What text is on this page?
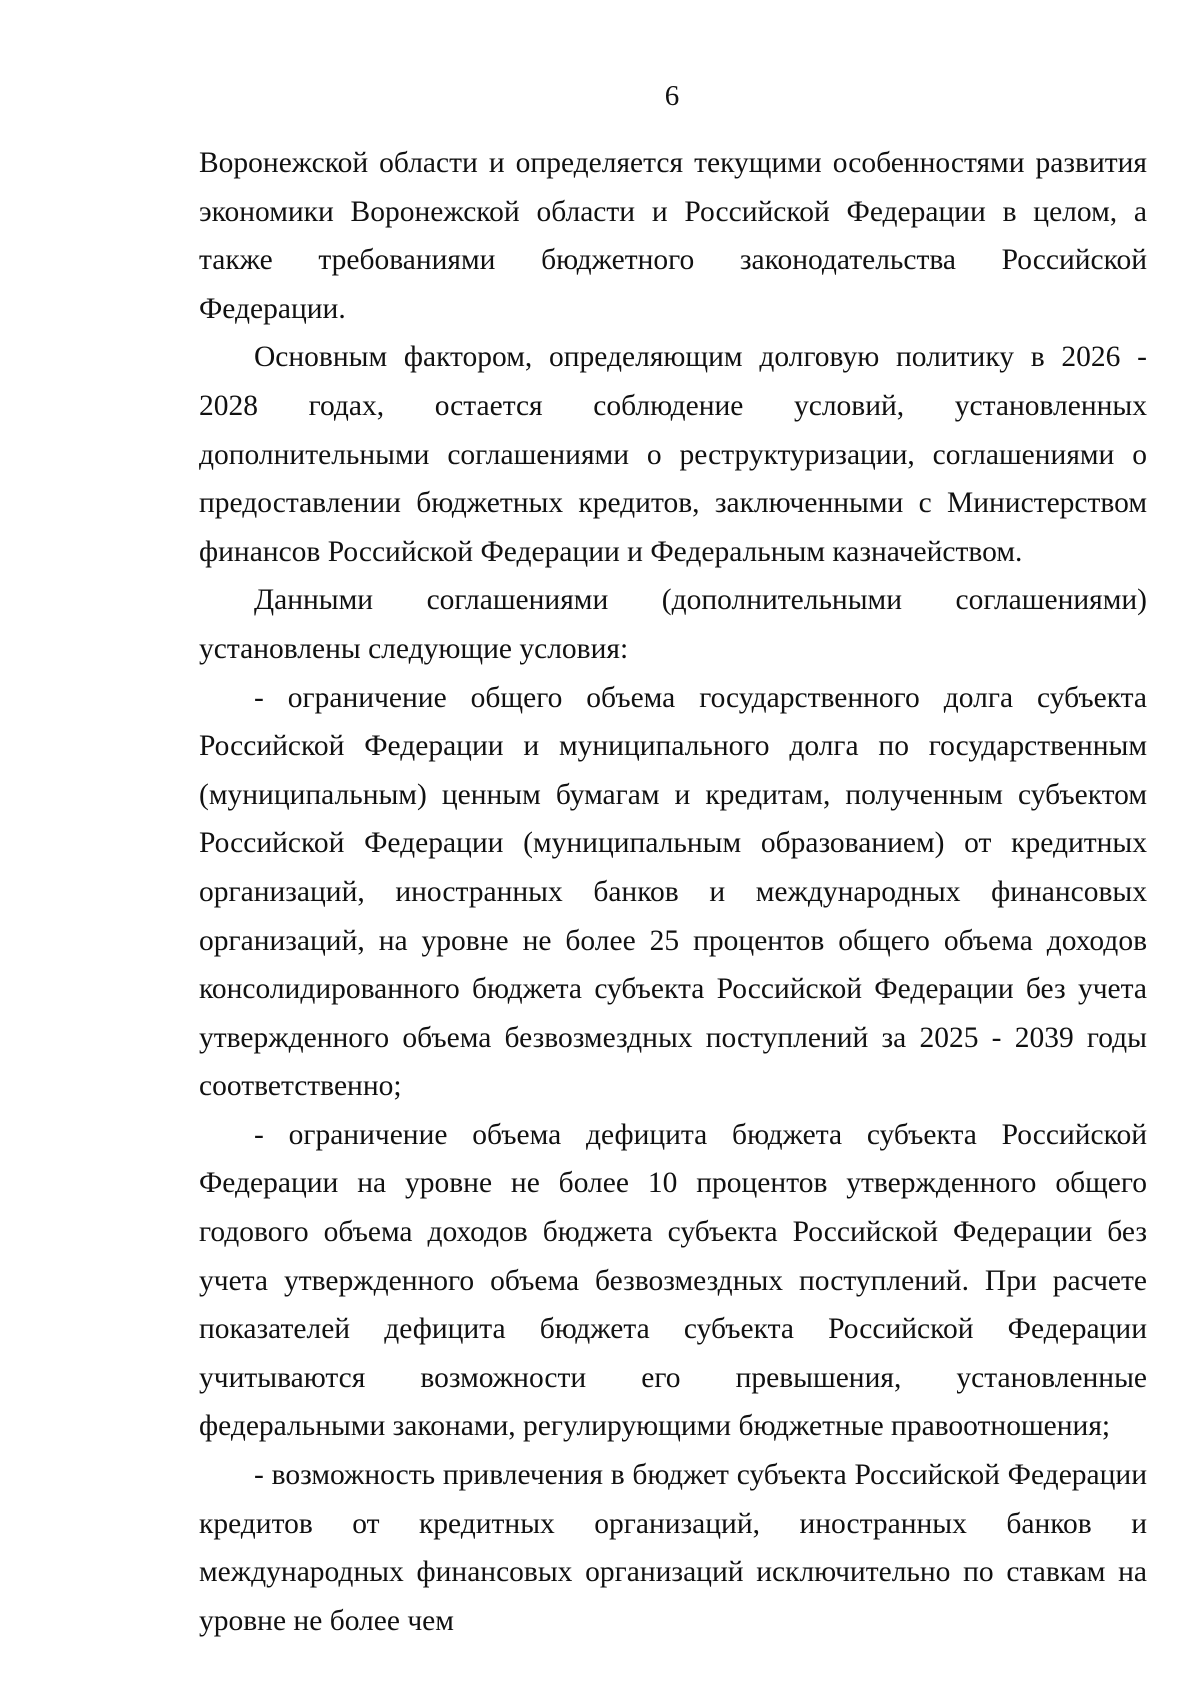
6

Воронежской области и определяется текущими особенностями развития экономики Воронежской области и Российской Федерации в целом, а также требованиями бюджетного законодательства Российской Федерации.

Основным фактором, определяющим долговую политику в 2026 - 2028 годах, остается соблюдение условий, установленных дополнительными соглашениями о реструктуризации, соглашениями о предоставлении бюджетных кредитов, заключенными с Министерством финансов Российской Федерации и Федеральным казначейством.

Данными соглашениями (дополнительными соглашениями) установлены следующие условия:

- ограничение общего объема государственного долга субъекта Российской Федерации и муниципального долга по государственным (муниципальным) ценным бумагам и кредитам, полученным субъектом Российской Федерации (муниципальным образованием) от кредитных организаций, иностранных банков и международных финансовых организаций, на уровне не более 25 процентов общего объема доходов консолидированного бюджета субъекта Российской Федерации без учета утвержденного объема безвозмездных поступлений за 2025 - 2039 годы соответственно;

- ограничение объема дефицита бюджета субъекта Российской Федерации на уровне не более 10 процентов утвержденного общего годового объема доходов бюджета субъекта Российской Федерации без учета утвержденного объема безвозмездных поступлений. При расчете показателей дефицита бюджета субъекта Российской Федерации учитываются возможности его превышения, установленные федеральными законами, регулирующими бюджетные правоотношения;

- возможность привлечения в бюджет субъекта Российской Федерации кредитов от кредитных организаций, иностранных банков и международных финансовых организаций исключительно по ставкам на уровне не более чем
